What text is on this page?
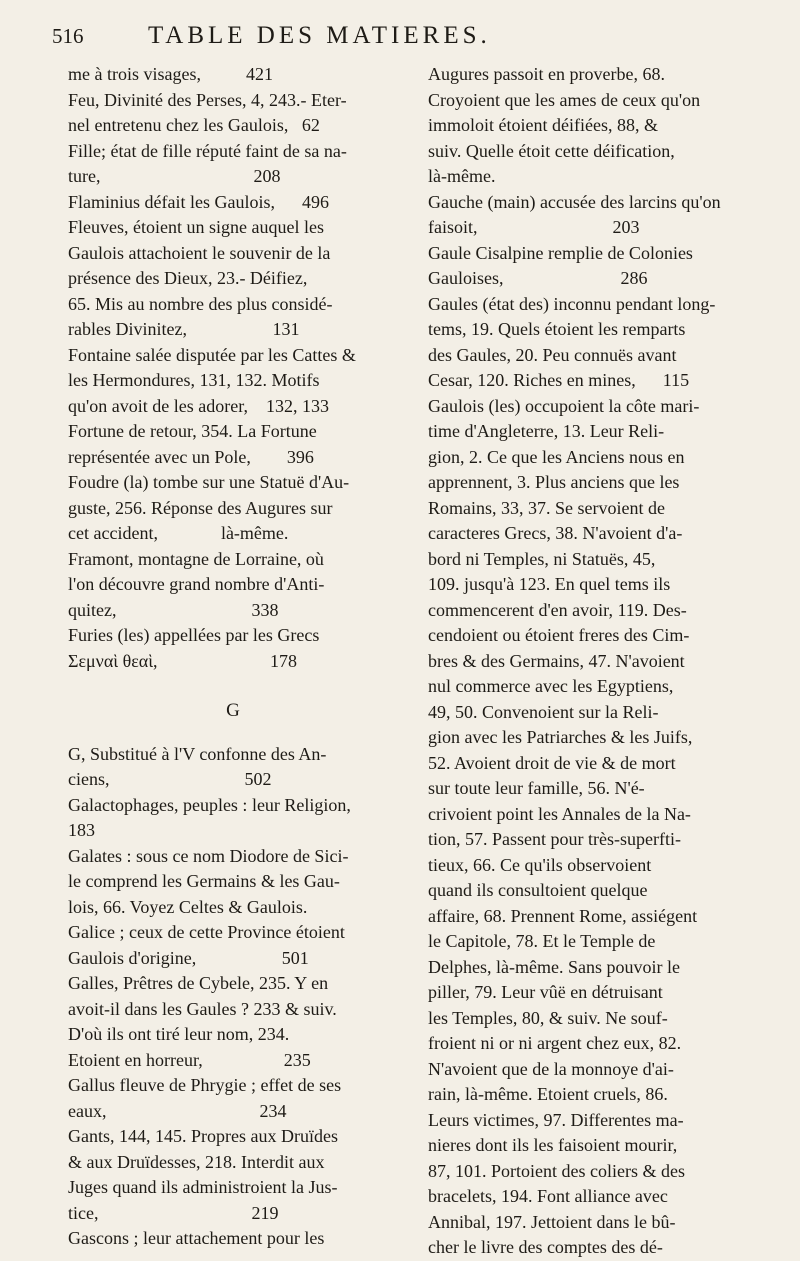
516	TABLE DES MATIERES.
me à trois visages,          421
Feu, Divinité des Perses, 4, 243.- Eter-
nel entretenu chez les Gaulois,   62
Fille; état de fille réputé faint de sa na-
ture,                                  208
Flaminius défait les Gaulois,      496
Fleuves, étoient un signe auquel les
Gaulois attachoient le souvenir de la
présence des Dieux, 23.- Déifiez,
65. Mis au nombre des plus considé-
rables Divinitez,                   131
Fontaine salée disputée par les Cattes &
les Hermondures, 131, 132. Motifs
qu'on avoit de les adorer,    132, 133
Fortune de retour, 354. La Fortune
représentée avec un Pole,        396
Foudre (la) tombe sur une Statuë d'Au-
guste, 256. Réponse des Augures sur
cet accident,              là-même.
Framont, montagne de Lorraine, où
l'on découvre grand nombre d'Anti-
quitez,                              338
Furies (les) appellées par les Grecs
Σεμναὶ θεαὶ,                         178
G
G, Substitué à l'V confonne des An-
ciens,                              502
Galactophages, peuples : leur Religion,
183
Galates : sous ce nom Diodore de Sici-
le comprend les Germains & les Gau-
lois, 66. Voyez Celtes & Gaulois.
Galice ; ceux de cette Province étoient
Gaulois d'origine,                   501
Galles, Prêtres de Cybele, 235. Y en
avoit-il dans les Gaules ? 233 & suiv.
D'où ils ont tiré leur nom, 234.
Etoient en horreur,                  235
Gallus fleuve de Phrygie ; effet de ses
eaux,                                  234
Gants, 144, 145. Propres aux Druïdes
& aux Druïdesses, 218. Interdit aux
Juges quand ils administroient la Jus-
tice,                                  219
Gascons ; leur attachement pour les
Augures passoit en proverbe, 68.
Croyoient que les ames de ceux qu'on
immoloit étoient déifiées, 88, &
suiv. Quelle étoit cette déification,
là-même.
Gauche (main) accusée des larcins qu'on
faisoit,                              203
Gaule Cisalpine remplie de Colonies
Gauloises,                          286
Gaules (état des) inconnu pendant long-
tems, 19. Quels étoient les remparts
des Gaules, 20. Peu connuës avant
Cesar, 120. Riches en mines,      115
Gaulois (les) occupoient la côte mari-
time d'Angleterre, 13. Leur Reli-
gion, 2. Ce que les Anciens nous en
apprennent, 3. Plus anciens que les
Romains, 33, 37. Se servoient de
caracteres Grecs, 38. N'avoient d'a-
bord ni Temples, ni Statuës, 45,
109. jusqu'à 123. En quel tems ils
commencerent d'en avoir, 119. Des-
cendoient ou étoient freres des Cim-
bres & des Germains, 47. N'avoient
nul commerce avec les Egyptiens,
49, 50. Convenoient sur la Reli-
gion avec les Patriarches & les Juifs,
52. Avoient droit de vie & de mort
sur toute leur famille, 56. N'é-
crivoient point les Annales de la Na-
tion, 57. Passent pour très-superfti-
tieux, 66. Ce qu'ils observoient
quand ils consultoient quelque
affaire, 68. Prennent Rome, assiégent
le Capitole, 78. Et le Temple de
Delphes, là-même. Sans pouvoir le
piller, 79. Leur vûë en détruisant
les Temples, 80, & suiv. Ne souf-
froient ni or ni argent chez eux, 82.
N'avoient que de la monnoye d'ai-
rain, là-même. Etoient cruels, 86.
Leurs victimes, 97. Differentes ma-
nieres dont ils les faisoient mourir,
87, 101. Portoient des coliers & des
bracelets, 194. Font alliance avec
Annibal, 197. Jettoient dans le bû-
cher le livre des comptes des dé-
